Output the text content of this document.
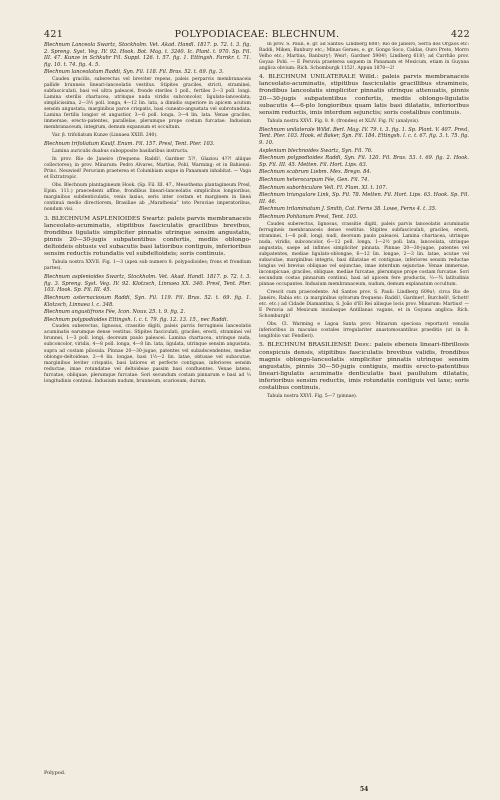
421	POLYPODIACEAE: BLECHNUM.	422

Blechnum Lanceola Swartz, Stockholm. Vet. Akad. Handl. 1817. p. 72. t. 3. fig. 2. Spreng. Syst. Veg. IV. 92. Hook. Bot. Mag. t. 3240. Ic. Plant. t. 970. Sp. Fil. III. 47. Kunze in Schkuhr Fil. Suppl. 126. t. 57. fig. 1. Ettingsh. Farnkr. t. 71. fig. 10. t. 74. fig. 4. 5.

Blechnum lanceolatum Raddi, Syn. Fil. 118. Fil. Bras. 52. t. 69. fig. 3.

Caudex gracilis, suberectus vel breviter repens, paleis perparvis membranaceis pallide brunneis lineari-lanceolatis vestitus. Stipites graciles, stricti, straminei, subfasciculati, basi vel ultra paleacei, fronde steriles 1 poll., fertiles 2—3 poll. longi. Lamina sterilis chartacea, utrinque nuda viridis subconcolor, ligulato-lanceolata, simplicissima, 2—3½ poll. longa, 4—12 lin. lata, a dimidio superiore in apicem acutum sensim angustata, marginibus parce crispatis, basi cuneato-angustata vel subrotundata. Lamina fertilis longior et angustior, 3—6 poll. longa, 3—4 lin. lata. Venae graciles, immersae, erecto-patentes, parallelae, plerumque prope costam furcatae. Indusium membranaceum, integrum, demum expansum et occultum.

Var. β. trifoliatum Kunze (Linnaea XXIII. 240).

Blechnum trifoliatum Kaulf. Enum. Fil. 157. Presl, Tent. Pter. 103.

Lamina auriculis duabus subopposite basilaribus instructa.

In prov. Rio de Janeiro (frequens: Raddi!, Gardner 5?!, Glaziou 4??! aliique collectores); in prov. Minarum: Pedro Alvares, Martius, Pohl, Warming; et in Bahiensi: Princ. Neuwied! Peruviam praeterea et Columbiam usque in Panamam inhabitat. — Vaga et Extratropic.

Obs. Blechnum plantagineum Hook. (Sp. Fil. III. 47., Mesothema plantagineum Presl, Epim. 111.) praecedenti affine, frondibus lineari-lanceolatis simplicibus longioribus, marginibus subdenticulatis, venis laxius, seris inter costam et marginem in lineá continuá medio directiorem, Brasiliae ab „Marathesia“ toto Peruviae imperatoribus, nondum visi.

3. BLECHNUM ASPLENIOIDES Swartz: paleis parvis membranaceis lanceolato-acuminatis, stipitibus fasciculatis gracilibus brevibus, frondibus ligulatis simpliciter pinnatis utrinque sensim angustatis, pinnis 20—30-jugis subpatentibus confertis, mediis oblongo-deltoideis obtusis vel subacutis basi latioribus contiguis, inferioribus sensim reductis rotundatis vel subdeltoideis; soris continuis.

Tabula nostra XXVII. Fig. 1—3 (apex sub numero 8. polypodioides; frons et frondium partes).

Blechnum asplenioides Swartz, Stockholm. Vet. Akad. Handl. 1817. p. 72. t. 3. fig. 3. Spreng. Syst. Veg. IV. 92. Klotzsch, Linnaea XX. 340. Presl, Tent. Pter. 103. Hook. Sp. Fil. III. 45.

Blechnum asternaciosum Raddi, Syn. Fil. 119. Fil. Bras. 52. t. 69. fig. 1. Klotzsch, Linnaea l. c. 348.

Blechnum angustifrons Fée, Icon. Nouv. 25. t. 9. fig. 2.

Blechnum polypodioides Ettingsh. l. c. t. 79. fig. 12. 13. 15., nec Raddi.

Caudex suberectus, lignosus, crassitie digiti, paleis parvis ferrugineis lanceolatis acuminatis earumque dense vestitus. Stipites fasciculati, graciles, erecti, straminei vel brunnei, 1—3 poll. longi, deorsum paulo paleacei. Lamina chartacea, utrinque nuda, subconcolor, viridis, 4—8 poll. longa, 4—8 lin. lata, ligulata, utrinque sensim angustata, supra ad costam pilosula. Pinnae 20—30-jugae, patentes vel subadscendentes, mediae oblongo-deltoideae, 2—4 lin. longae, basi 1½—2 lin. latae, obtusae vel subacutae, marginibus leviter crispatis, basi latiores et perfecte contiguae, inferiores sensim reductae, imae rotundatae vel deltoideae passim basi confluentes. Venae latens, furcatae, obliquae, plerumque furcatae. Sori secundum costam pinnarum e basi ad ⅓ longitudinis continui. Indusium nudum, brunneum, scariosum, durum.

In prov. S. Pauli, e. gr. ad Santos: Lindberg 608!; Rio de Janeiro, Serra dos Orgãos etc: Raddi, Miken, Banbury etc.; Minas Geraes, e. gr. Gongo Soco, Caldas, Ouro Preto, Morro Velho etc.; Martius, Banbury!; Weir!; Gardner 5904!; Lindberg 618!; ad Carrhão prov. Goyaz: Pohl. — E Peruvia praeterea usquem in Panamam et Mexicum, etiam in Guyana anglica obvium: Rich. Schomburgk 1152!, Appun 1870—2!

4. BLECHNUM UNILATERALE Willd.: paleis parvis membranaceis lanceolato-acuminatis, stipitibus fasciculatis gracillibus stramineis, frondibus lanceolatis simpliciter pinnatis utrinque attenuatis, pinnis 20—30-jugis subpatentibus confertis, mediis oblongo-ligulatis subacutis 4—6-plo longioribus quam latis basi dilatatis, inferioribus sensim reductis, imis interdum sejunctis; soris costalibus continuis.

Tabula nostra XXVI. Fig. 8. 9. (frondes) et XLIV. Fig. IV. (analysis).

Blechnum unilaterale Willd. Berl. Mag. IV. 79. t. 3. fig. 1. Sp. Plant. V. 407. Presl, Tent. Pter. 103. Hook. et Baker, Syn. Fil. 184. Ettingsh. l. c. t. 67. fig. 3. t. 75. fig. 9. 10.

Asplenium blechnoides Swartz, Syn. Fil. 76.

Blechnum polypodioides Raddi, Syn. Fil. 120. Fil. Bras. 53. t. 69. fig. 2. Hook. Sp. Fil. III. 45. Metten. Fil. Hort. Lips. 63.

Blechnum scabrum Liebm. Mex. Bregn. 84.

Blechnum heterocarpum Fée, Gen. Fil. 74.

Blechnum suborbiculare Vell. Fl. Flum. XI. t. 107.

Blechnum triangulare Link, Sp. Fil. 78. Metten. Fil. Hort. Lips. 63. Hook. Sp. Fil. III. 46.

Blechnum trilaminatum J. Smith, Cat. Ferns 38. Lowe, Ferns 4. t. 35.

Blechnum Pohlianum Presl, Tent. 103.

Caudex suberectus, lignosus, crassitie digiti, paleis parvis lanceolatis acuminatis ferrugineis membranaceis dense vestitus. Stipites subfasciculati, graciles, erecti, straminei, 1—6 poll. longi, nudi, deorsum paulo paleacei. Lamina chartacea, utrinque nuda, viridis, subconcolor, 6—12 poll. longa, 1—2½ poll. lata, lanceolata, utrinque angustata, saepe ad infimos simpliciter pinnata. Pinnae 20—30-jugae, patentes vel subpatentes, mediae ligulato-oblongae, 6—12 lin. longae, 2—3 lin. latae, acutae vel subacutae, marginibus integris, basi dilatatae et contiguae, inferiores sensim reductae longius vel brevius obliquae vel sejunctae, imae interdum sejunctae. Venae immersae, inconspicuae, graciles, obliquae, mediae furcatae, plerumque prope costam furcatae. Sori secundum costas pinnarum continui, basi ad apicem fere productis, ⅔—¾ latitudinis pinnae occupantes. Indusium membranaceum, nudum, demum explanatum occultum.

Crescit cum praecedente. Ad Santos prov. S. Pauli: Lindberg 609a!; circa Rio de Janeiro, Rabia etc. (a marginibus sylvarum frequens: Raddi!, Gardner!, Burchell!, Schott! etc. etc.) ad Cidade Diamantina, S. João d'El Rei aliisque locis prov. Minarum: Martius! — E Peruvia ad Mexicum insulasque Antillanas vagans, et in Guyana anglica: Rich. Schomburgk!

Obs. Cl. Warming e Lagoa Santa prov. Minarum speciosa reportavit venulis inferioribus in maculas costales irregulariter anastomosantibus praeditis (ut in B. longifolio var. Fendleri).

5. BLECHNUM BRASILIENSE Desv.: paleis ebeneis lineari-fibrillosis conspicuis densis, stipitibus fasciculatis brevibus validis, frondibus magnis oblongo-lanceolatis simpliciter pinnatis utrinque sensim angustatis, pinnis 30—50-jugis contiguis, mediis erecto-patentibus lineari-ligulatis acuminatis denticulatis basi paullulum dilatatis, inferioribus sensim reductis, imis rotundatis contiguis vel laxe; soris costalibus continuis.

Tabula nostra XXVI. Fig. 5—7 (pinnae).

Polypod.
54
